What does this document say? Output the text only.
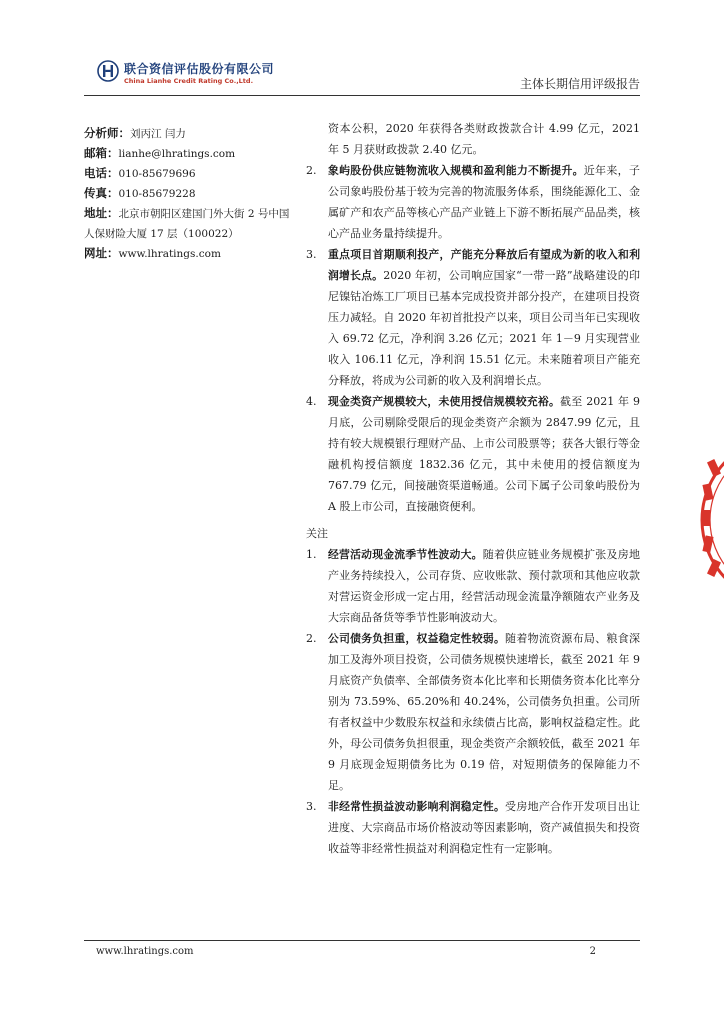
联合资信评估股份有限公司
China Lianhe Credit Rating Co.,Ltd.	主体长期信用评级报告
分析师：刘丙江 闫力
邮箱：lianhe@lhratings.com
电话：010-85679696
传真：010-85679228
地址：北京市朝阳区建国门外大街 2 号中国人保财险大厦 17 层（100022）
网址：www.lhratings.com
资本公积，2020 年获得各类财政拨款合计 4.99 亿元，2021 年 5 月获财政拨款 2.40 亿元。
2. 象屿股份供应链物流收入规模和盈利能力不断提升。近年来，子公司象屿股份基于较为完善的物流服务体系，围绕能源化工、金属矿产和农产品等核心产品产业链上下游不断拓展产品品类，核心产品业务量持续提升。
3. 重点项目首期顺利投产，产能充分释放后有望成为新的收入和利润增长点。2020 年初，公司响应国家“一带一路”战略建设的印尼镍钴冶炼工厂项目已基本完成投资并部分投产，在建项目投资压力减轻。自 2020 年初首批投产以来，项目公司当年已实现收入 69.72 亿元，净利润 3.26 亿元；2021 年 1－9 月实现营业收入 106.11 亿元，净利润 15.51 亿元。未来随着项目产能充分释放，将成为公司新的收入及利润增长点。
4. 现金类资产规模较大，未使用授信规模较充裕。截至 2021 年 9 月底，公司剔除受限后的现金类资产余额为 2847.99 亿元，且持有较大规模银行理财产品、上市公司股票等；获各大银行等金融机构授信额度 1832.36 亿元，其中未使用的授信额度为 767.79 亿元，间接融资渠道畅通。公司下属子公司象屿股份为 A 股上市公司，直接融资便利。
关注
1. 经营活动现金流季节性波动大。随着供应链业务规模扩张及房地产业务持续投入，公司存货、应收账款、预付款项和其他应收款对营运资金形成一定占用，经营活动现金流量净额随农产业务及大宗商品备货等季节性影响波动大。
2. 公司债务负担重，权益稳定性较弱。随着物流资源布局、粮食深加工及海外项目投资，公司债务规模快速增长，截至 2021 年 9 月底资产负债率、全部债务资本化比率和长期债务资本化比率分别为 73.59%、65.20%和 40.24%，公司债务负担重。公司所有者权益中少数股东权益和永续债占比高，影响权益稳定性。此外，母公司债务负担很重，现金类资产余额较低，截至 2021 年 9 月底现金短期债务比为 0.19 倍，对短期债务的保障能力不足。
3. 非经常性损益波动影响利润稳定性。受房地产合作开发项目出让进度、大宗商品市场价格波动等因素影响，资产减值损失和投资收益等非经常性损益对利润稳定性有一定影响。
www.lhratings.com	2
